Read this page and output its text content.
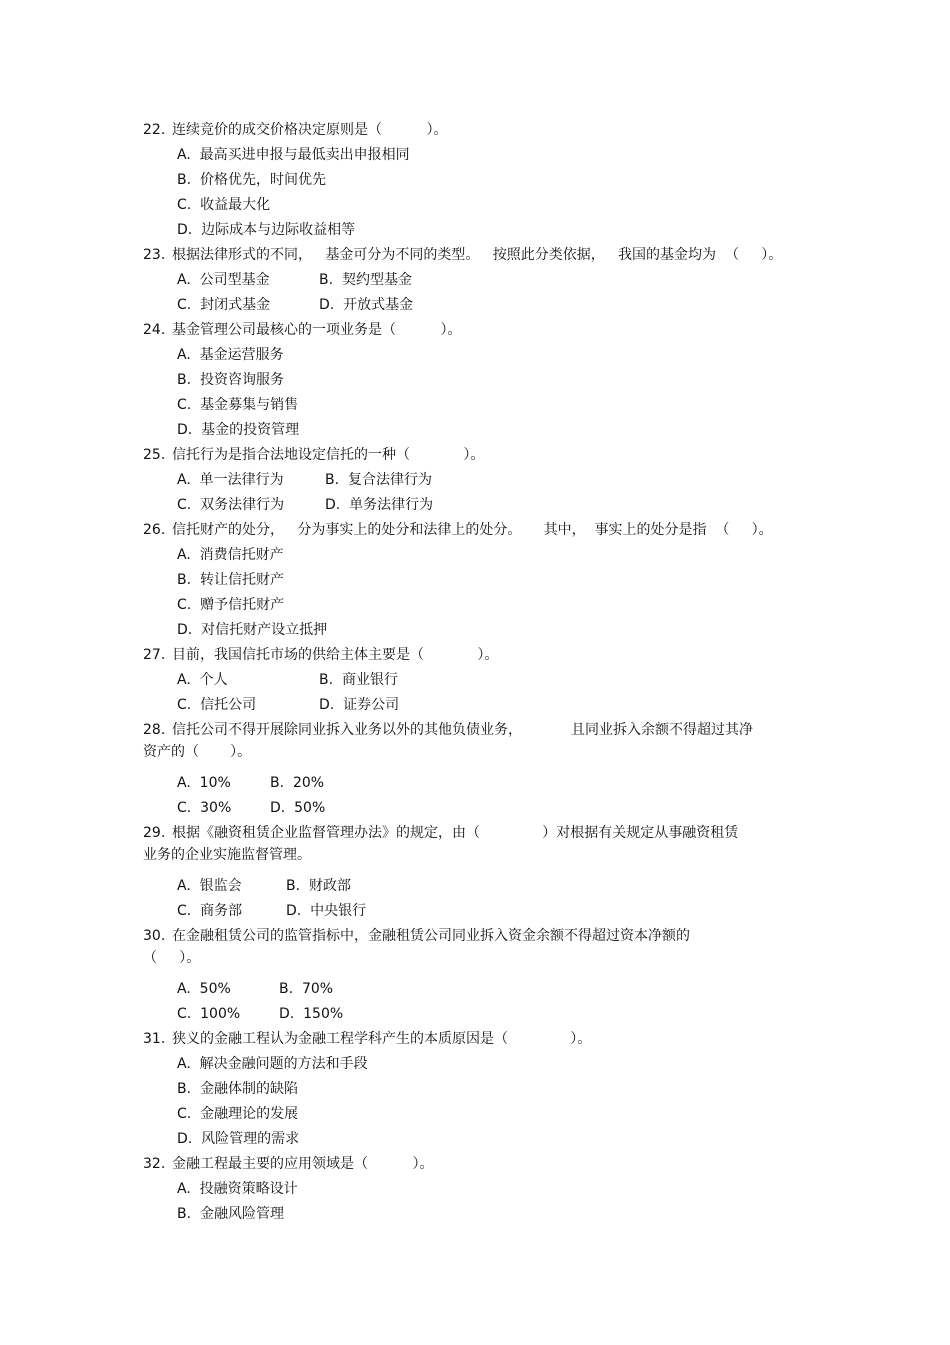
22. 连续竞价的成交价格决定原则是（          ）。
A.  最高买进申报与最低卖出申报相同
B.  价格优先，时间优先
C.  收益最大化
D.  边际成本与边际收益相等
23. 根据法律形式的不同，   基金可分为不同的类型。   按照此分类依据，   我国的基金均为  （     ）。
A.  公司型基金	B.  契约型基金
C.  封闭式基金	D.  开放式基金
24. 基金管理公司最核心的一项业务是（          ）。
A.  基金运营服务
B.  投资咨询服务
C.  基金募集与销售
D.  基金的投资管理
25. 信托行为是指合法地设定信托的一种（            ）。
A.  单一法律行为	B.  复合法律行为
C.  双务法律行为	D.  单务法律行为
26. 信托财产的处分，   分为事实上的处分和法律上的处分。     其中，  事实上的处分是指  （     ）。
A.  消费信托财产
B.  转让信托财产
C.  赠予信托财产
D.  对信托财产设立抵押
27. 目前，我国信托市场的供给主体主要是（            ）。
A.  个人	B.  商业银行
C.  信托公司	D.  证券公司
28. 信托公司不得开展除同业拆入业务以外的其他负债业务，           且同业拆入余额不得超过其净
资产的（       ）。
A.  10%	B.  20%
C.  30%	D.  50%
29. 根据《融资租赁企业监督管理办法》的规定，由（              ）对根据有关规定从事融资租赁
业务的企业实施监督管理。
A.  银监会	B.  财政部
C.  商务部	D.  中央银行
30. 在金融租赁公司的监管指标中，金融租赁公司同业拆入资金余额不得超过资本净额的
（     ）。
A.  50%	B.  70%
C.  100%	D.  150%
31. 狭义的金融工程认为金融工程学科产生的本质原因是（              ）。
A.  解决金融问题的方法和手段
B.  金融体制的缺陷
C.  金融理论的发展
D.  风险管理的需求
32. 金融工程最主要的应用领域是（          ）。
A.  投融资策略设计
B.  金融风险管理
